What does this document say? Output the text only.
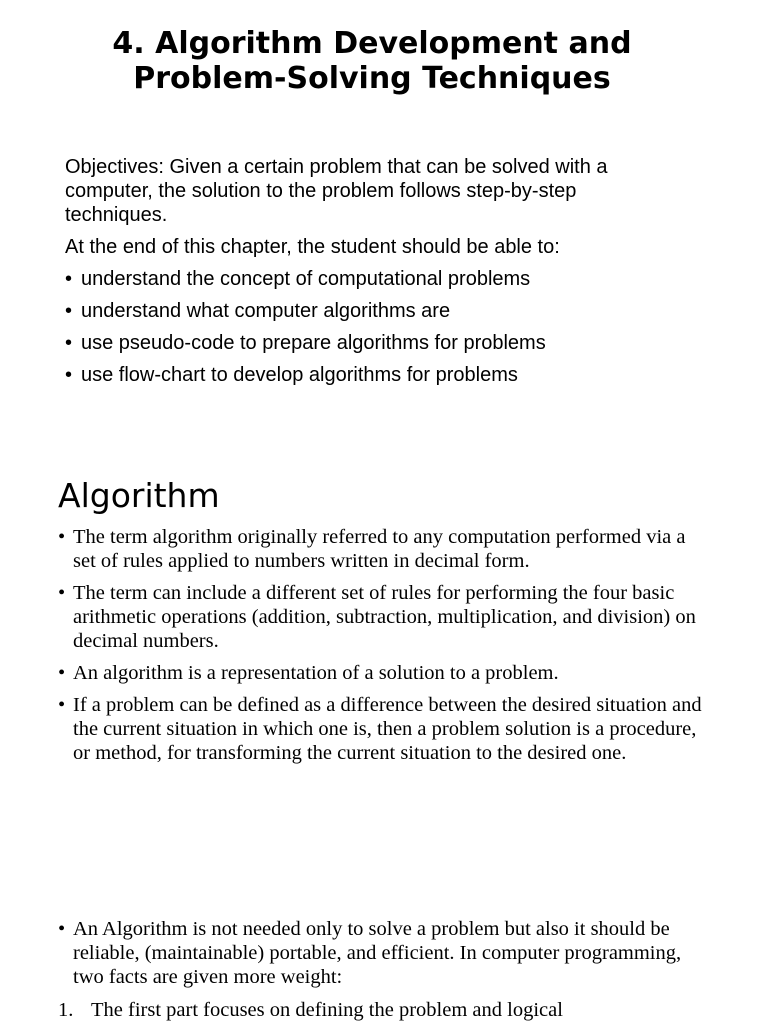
4. Algorithm Development and Problem-Solving Techniques

Objectives: Given a certain problem that can be solved with a computer, the solution to the problem follows step-by-step techniques.

At the end of this chapter, the student should be able to:

• understand the concept of computational problems
• understand what computer algorithms are
• use pseudo-code to prepare algorithms for problems
• use flow-chart to develop algorithms for problems
Algorithm
• The term algorithm originally referred to any computation performed via a set of rules applied to numbers written in decimal form.
• The term can include a different set of rules for performing the four basic arithmetic operations (addition, subtraction, multiplication, and division) on decimal numbers.
• An algorithm is a representation of a solution to a problem.
• If a problem can be defined as a difference between the desired situation and the current situation in which one is, then a problem solution is a procedure, or method, for transforming the current situation to the desired one.
• An Algorithm is not needed only to solve a problem but also it should be reliable, (maintainable) portable, and efficient. In computer programming, two facts are given more weight:

1. The first part focuses on defining the problem and logical
